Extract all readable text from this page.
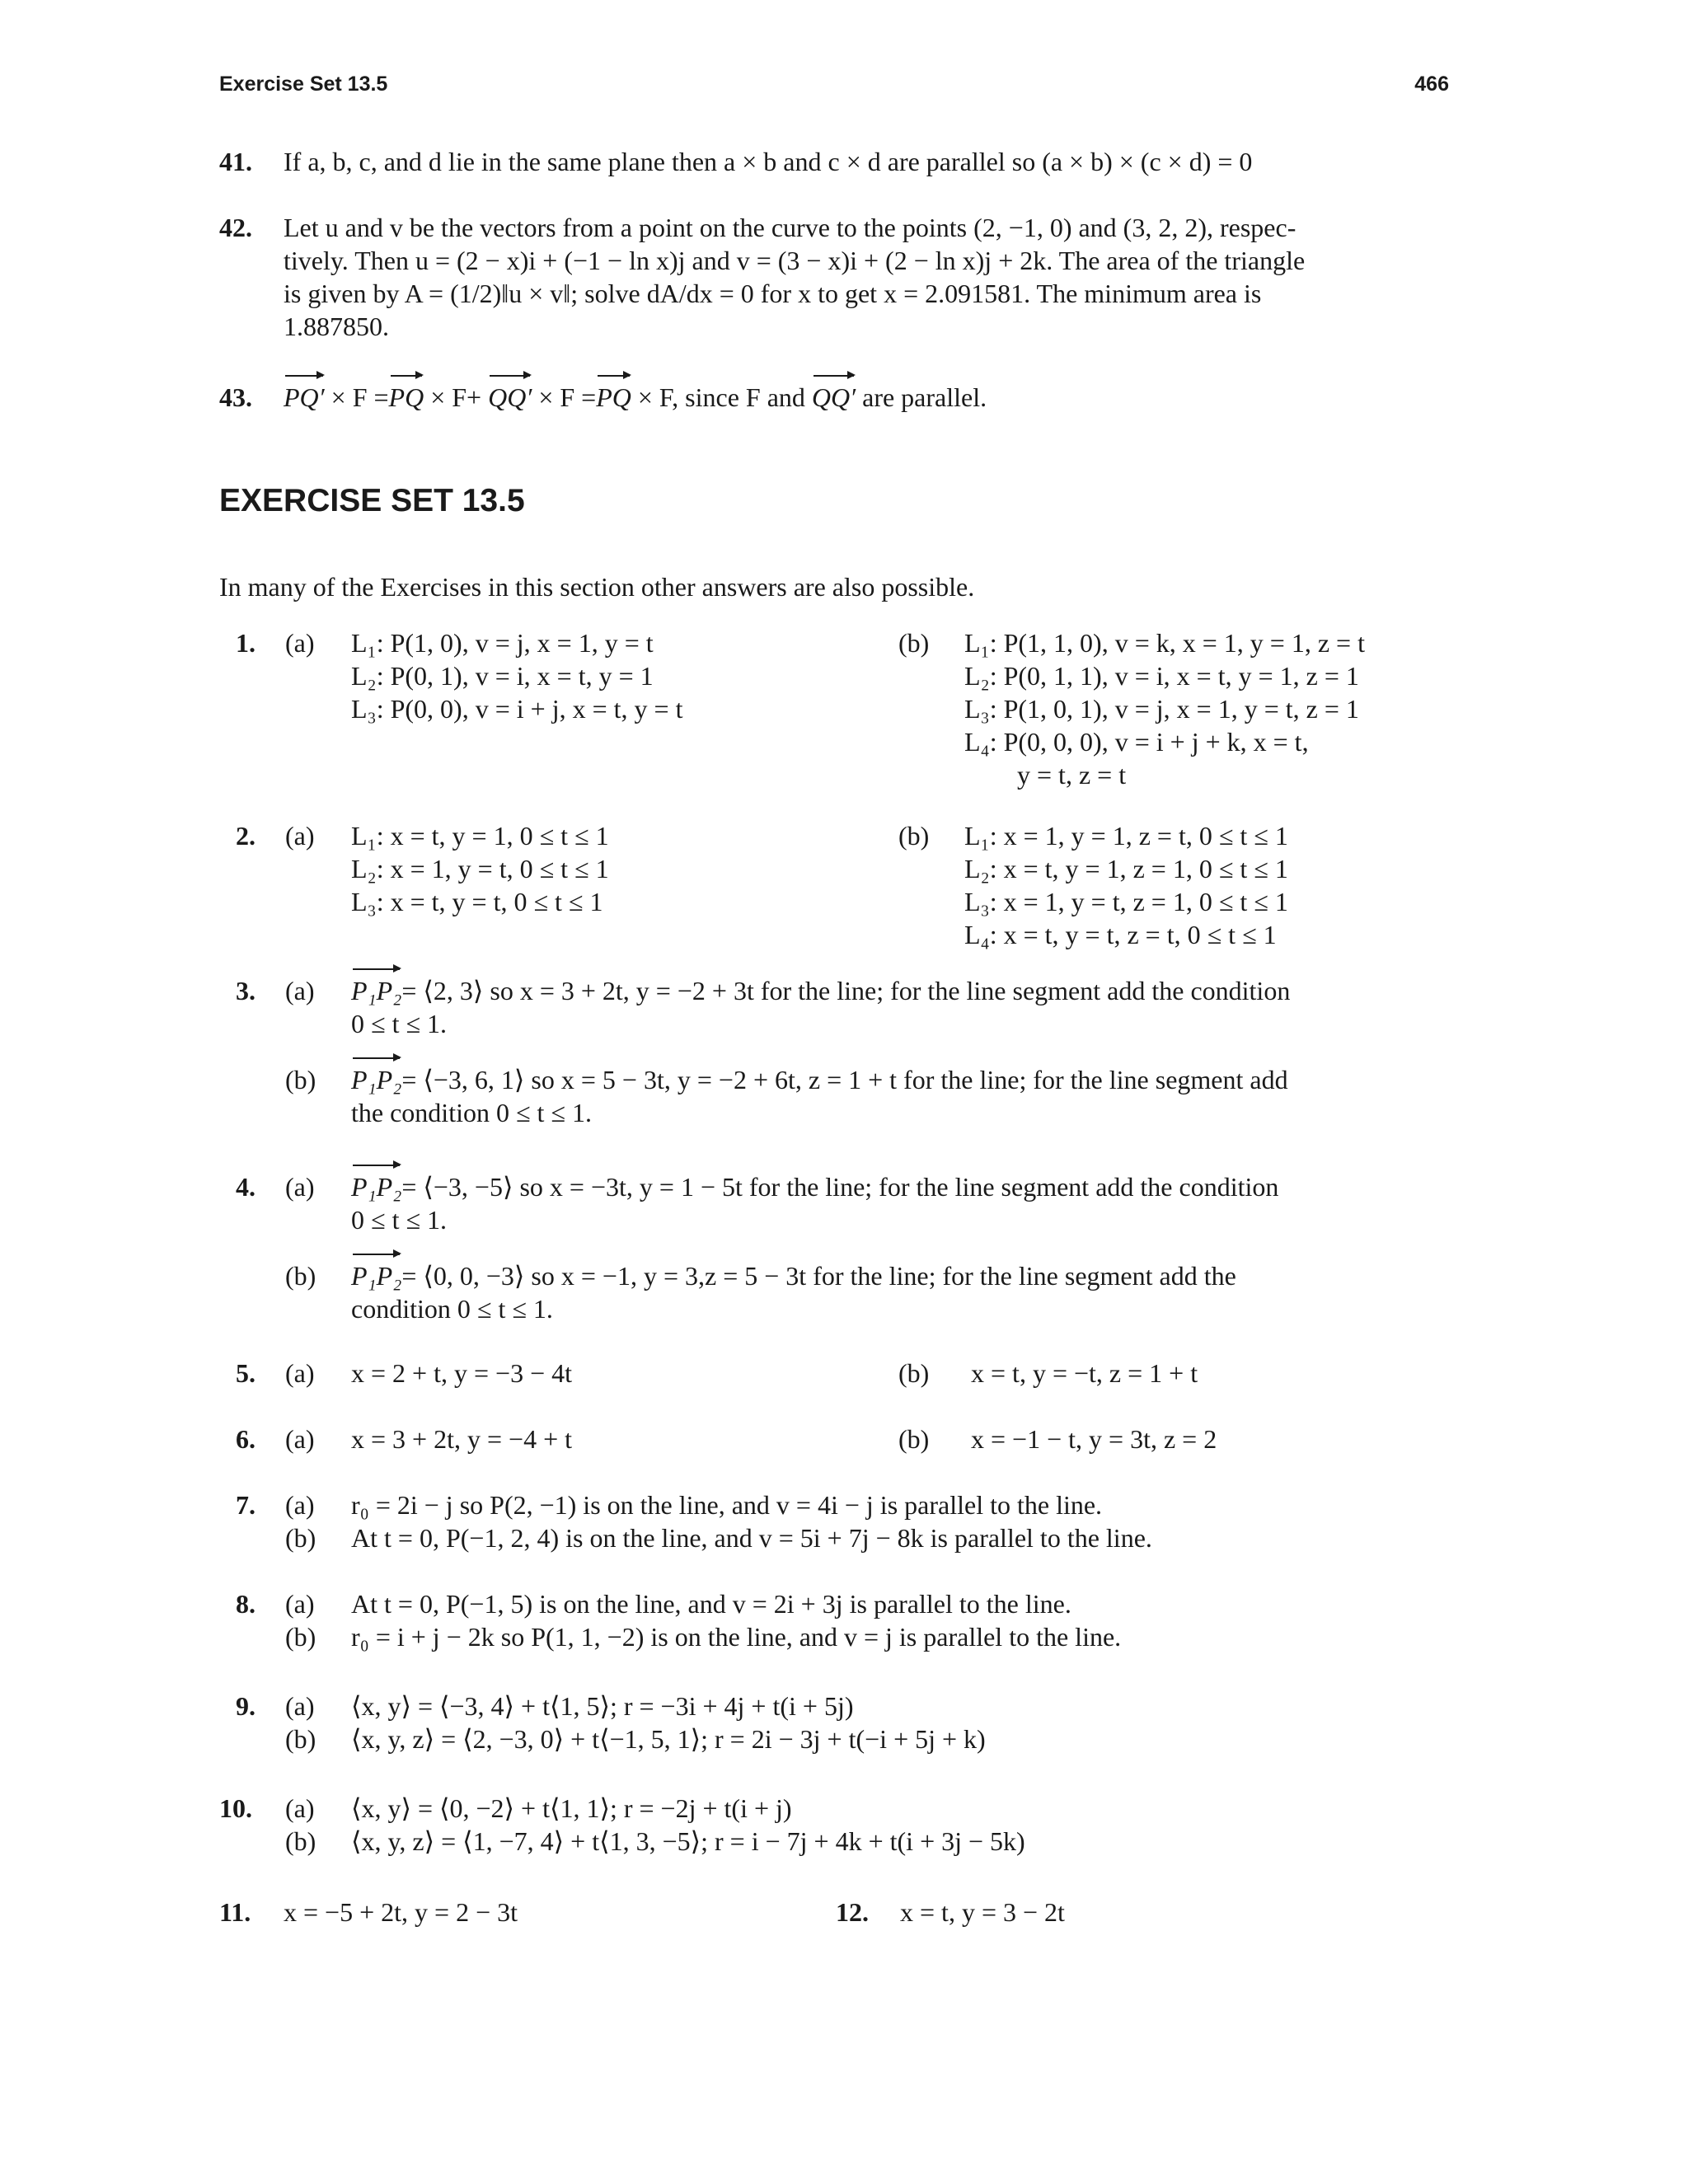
Exercise Set 13.5	466
41. If a, b, c, and d lie in the same plane then a × b and c × d are parallel so (a × b) × (c × d) = 0
42. Let u and v be the vectors from a point on the curve to the points (2, −1, 0) and (3, 2, 2), respec-
tively. Then u = (2 − x)i + (−1 − ln x)j and v = (3 − x)i + (2 − ln x)j + 2k. The area of the triangle
is given by A = (1/2)‖u × v‖; solve dA/dx = 0 for x to get x = 2.091581. The minimum area is
1.887850.
43. PQ′ × F =PQ × F+ QQ′ × F =PQ × F, since F and QQ′ are parallel.
EXERCISE SET 13.5
In many of the Exercises in this section other answers are also possible.
1. (a) L₁: P(1, 0), v = j, x = 1, y = t
L₂: P(0, 1), v = i, x = t, y = 1
L₃: P(0, 0), v = i + j, x = t, y = t
(b) L₁: P(1, 1, 0), v = k, x = 1, y = 1, z = t
L₂: P(0, 1, 1), v = i, x = t, y = 1, z = 1
L₃: P(1, 0, 1), v = j, x = 1, y = t, z = 1
L₄: P(0, 0, 0), v = i + j + k, x = t,
y = t, z = t
2. (a) L₁: x = t, y = 1, 0 ≤ t ≤ 1
L₂: x = 1, y = t, 0 ≤ t ≤ 1
L₃: x = t, y = t, 0 ≤ t ≤ 1
(b) L₁: x = 1, y = 1, z = t, 0 ≤ t ≤ 1
L₂: x = t, y = 1, z = 1, 0 ≤ t ≤ 1
L₃: x = 1, y = t, z = 1, 0 ≤ t ≤ 1
L₄: x = t, y = t, z = t, 0 ≤ t ≤ 1
3. (a) P₁P₂= ⟨2, 3⟩ so x = 3 + 2t, y = −2 + 3t for the line; for the line segment add the condition
0 ≤ t ≤ 1.
(b) P₁P₂= ⟨−3, 6, 1⟩ so x = 5 − 3t, y = −2 + 6t, z = 1 + t for the line; for the line segment add
the condition 0 ≤ t ≤ 1.
4. (a) P₁P₂= ⟨−3, −5⟩ so x = −3t, y = 1 − 5t for the line; for the line segment add the condition
0 ≤ t ≤ 1.
(b) P₁P₂= ⟨0, 0, −3⟩ so x = −1, y = 3,z = 5 − 3t for the line; for the line segment add the
condition 0 ≤ t ≤ 1.
5. (a) x = 2 + t, y = −3 − 4t	(b) x = t, y = −t, z = 1 + t
6. (a) x = 3 + 2t, y = −4 + t	(b) x = −1 − t, y = 3t, z = 2
7. (a) r₀ = 2i − j so P(2, −1) is on the line, and v = 4i − j is parallel to the line.
(b) At t = 0, P(−1, 2, 4) is on the line, and v = 5i + 7j − 8k is parallel to the line.
8. (a) At t = 0, P(−1, 5) is on the line, and v = 2i + 3j is parallel to the line.
(b) r₀ = i + j − 2k so P(1, 1, −2) is on the line, and v = j is parallel to the line.
9. (a) ⟨x, y⟩ = ⟨−3, 4⟩ + t⟨1, 5⟩; r = −3i + 4j + t(i + 5j)
(b) ⟨x, y, z⟩ = ⟨2, −3, 0⟩ + t⟨−1, 5, 1⟩; r = 2i − 3j + t(−i + 5j + k)
10. (a) ⟨x, y⟩ = ⟨0, −2⟩ + t⟨1, 1⟩; r = −2j + t(i + j)
(b) ⟨x, y, z⟩ = ⟨1, −7, 4⟩ + t⟨1, 3, −5⟩; r = i − 7j + 4k + t(i + 3j − 5k)
11. x = −5 + 2t, y = 2 − 3t	12. x = t, y = 3 − 2t
